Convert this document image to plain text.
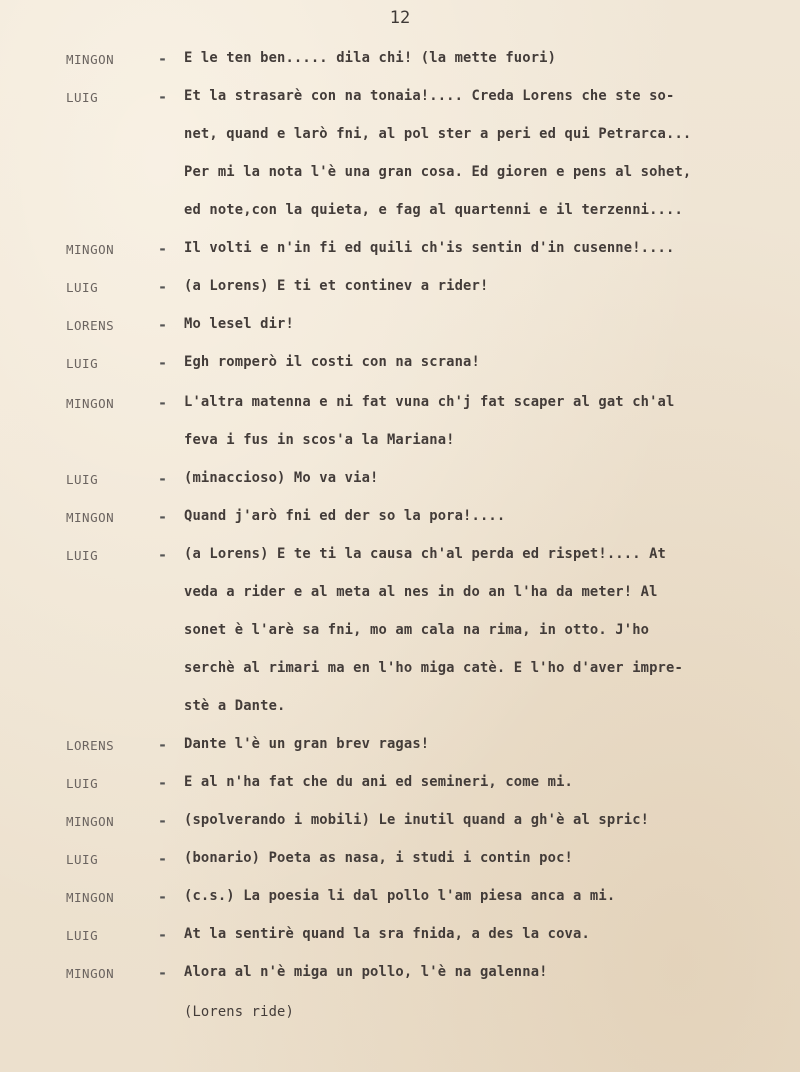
12
MINGON	- E le ten ben..... dila chi! (la mette fuori)
LUIG	- Et la strasarè con na tonaia!.... Creda Lorens che ste so-
net, quand e larò fni, al pol ster a peri ed qui Petrarca...
Per mi la nota l'è una gran cosa. Ed gioren e pens al sohet,
ed note,con la quieta, e fag al quartenni e il terzenni....
MINGON	- Il volti e n'in fi ed quili ch'is sentin d'in cusenne!....
LUIG	- (a Lorens) E ti et continev a rider!
LORENS	- Mo lesel dir!
LUIG	- Egh romperò il costi con na scrana!
MINGON	- L'altra matenna e ni fat vuna ch'j fat scaper al gat ch'al
feva i fus in scos'a la Mariana!
LUIG	- (minaccioso) Mo va via!
MINGON	- Quand j'arò fni ed der so la pora!....
LUIG	- (a Lorens) E te ti la causa ch'al perda ed rispet!.... At
veda a rider e al meta al nes in do an l'ha da meter! Al
sonet è l'arè sa fni, mo am cala na rima, in otto. J'ho
serchè al rimari ma en l'ho miga catè. E l'ho d'aver impre-
stè a Dante.
LORENS	- Dante l'è un gran brev ragas!
LUIG	- E al n'ha fat che du ani ed semineri, come mi.
MINGON	- (spolverando i mobili) Le inutil quand a gh'è al spric!
LUIG	- (bonario) Poeta as nasa, i studi i contin poc!
MINGON	- (c.s.) La poesia li dal pollo l'am piesa anca a mi.
LUIG	- At la sentirè quand la sra fnida, a des la cova.
MINGON	- Alora al n'è miga un pollo, l'è na galenna!
(Lorens ride)
